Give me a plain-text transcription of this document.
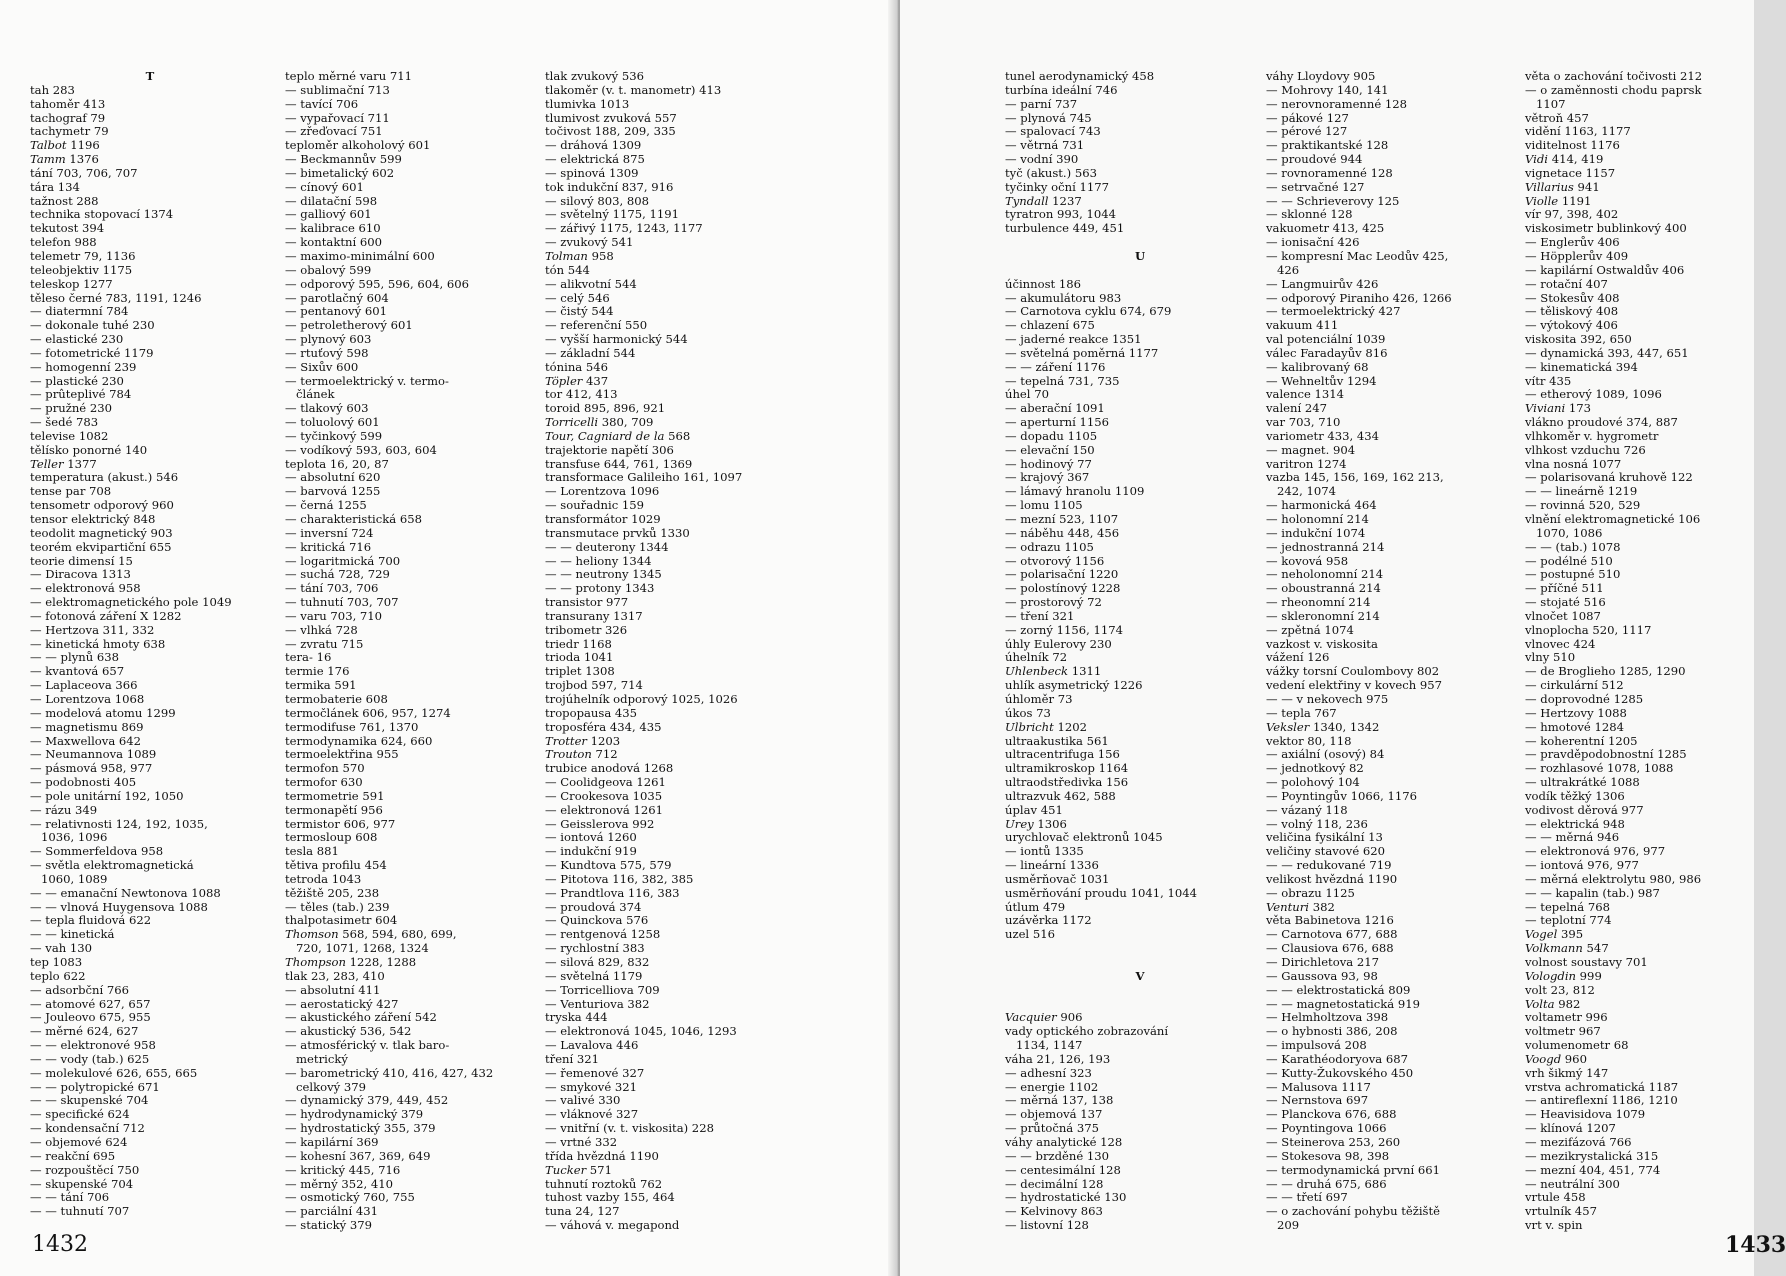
T
tah 283
tahoměr 413
tachograf 79
tachymetr 79
Talbot 1196
Tamm 1376
tání 703, 706, 707
tára 134
tažnost 288
technika stopovací 1374
tekutost 394
telefon 988
telemetr 79, 1136
teleobjektiv 1175
teleskop 1277
těleso černé 783, 1191, 1246
— diatermní 784
— dokonale tuhé 230
— elastické 230
— fotometrické 1179
— homogenní 239
— plastické 230
— prûteplivé 784
— pružné 230
— šedé 783
televise 1082
tělísko ponorné 140
Teller 1377
temperatura (akust.) 546
tense par 708
tensometr odporový 960
tensor elektrický 848
teodolit magnetický 903
teorém ekvipartiční 655
teorie dimensí 15
— Diracova 1313
— elektronová 958
— elektromagnetického pole 1049
— fotonová záření X 1282
— Hertzova 311, 332
— kinetická hmoty 638
— — plynů 638
— kvantová 657
— Laplaceova 366
— Lorentzova 1068
— modelová atomu 1299
— magnetismu 869
— Maxwellova 642
— Neumannova 1089
— pásmová 958, 977
— podobnosti 405
— pole unitární 192, 1050
— rázu 349
— relativnosti 124, 192, 1035,
1036, 1096
— Sommerfeldova 958
— světla elektromagnetická
1060, 1089
— — emanační Newtonova 1088
— — vlnová Huygensova 1088
— tepla fluidová 622
— — kinetická
— vah 130
tep 1083
teplo 622
— adsorbční 766
— atomové 627, 657
— Jouleovo 675, 955
— měrné 624, 627
— — elektronové 958
— — vody (tab.) 625
— molekulové 626, 655, 665
— — polytropické 671
— — skupenské 704
— specifické 624
— kondensační 712
— objemové 624
— reakční 695
— rozpouštěcí 750
— skupenské 704
— — tání 706
— — tuhnutí 707
teplo měrné varu 711
— sublimační 713
— tavící 706
— vypařovací 711
— zřeďovací 751
teploměr alkoholový 601
— Beckmannův 599
— bimetalický 602
— cínový 601
— dilatační 598
— galliový 601
— kalibrace 610
— kontaktní 600
— maximo-minimální 600
— obalový 599
— odporový 595, 596, 604, 606
— parotlačný 604
— pentanový 601
— petroletherový 601
— plynový 603
— rtuťový 598
— Sixův 600
— termoelektrický v. termo-
článek
— tlakový 603
— toluolový 601
— tyčinkový 599
— vodíkový 593, 603, 604
teplota 16, 20, 87
— absolutní 620
— barvová 1255
— černá 1255
— charakteristická 658
— inversní 724
— kritická 716
— logaritmická 700
— suchá 728, 729
— tání 703, 706
— tuhnutí 703, 707
— varu 703, 710
— vlhká 728
— zvratu 715
tera- 16
termie 176
termika 591
termobaterie 608
termočlánek 606, 957, 1274
termodifuse 761, 1370
termodynamika 624, 660
termoelektřina 955
termofon 570
termofor 630
termometrie 591
termonapětí 956
termistor 606, 977
termosloup 608
tesla 881
tětiva profilu 454
tetroda 1043
těžiště 205, 238
— těles (tab.) 239
thalpotasimetr 604
Thomson 568, 594, 680, 699,
720, 1071, 1268, 1324
Thompson 1228, 1288
tlak 23, 283, 410
— absolutní 411
— aerostatický 427
— akustického záření 542
— akustický 536, 542
— atmosférický v. tlak baro-
metrický
— barometrický 410, 416, 427, 432
celkový 379
— dynamický 379, 449, 452
— hydrodynamický 379
— hydrostatický 355, 379
— kapilární 369
— kohesní 367, 369, 649
— kritický 445, 716
— měrný 352, 410
— osmotický 760, 755
— parciální 431
— statický 379
tlak zvukový 536
tlakoměr (v. t. manometr) 413
tlumivka 1013
tlumivost zvuková 557
točivost 188, 209, 335
— dráhová 1309
— elektrická 875
— spinová 1309
tok indukční 837, 916
— silový 803, 808
— světelný 1175, 1191
— zářivý 1175, 1243, 1177
— zvukový 541
Tolman 958
tón 544
— alikvotní 544
— celý 546
— čistý 544
— referenční 550
— vyšší harmonický 544
— základní 544
tónina 546
Töpler 437
tor 412, 413
toroid 895, 896, 921
Torricelli 380, 709
Tour, Cagniard de la 568
trajektorie napětí 306
transfuse 644, 761, 1369
transformace Galileiho 161, 1097
— Lorentzova 1096
— souřadnic 159
transformátor 1029
transmutace prvků 1330
— — deuterony 1344
— — heliony 1344
— — neutrony 1345
— — protony 1343
transistor 977
transurany 1317
tribometr 326
triedr 1168
trioda 1041
triplet 1308
trojbod 597, 714
trojúhelník odporový 1025, 1026
tropopausa 435
troposféra 434, 435
Trotter 1203
Trouton 712
trubice anodová 1268
— Coolidgeova 1261
— Crookesova 1035
— elektronová 1261
— Geisslerova 992
— iontová 1260
— indukční 919
— Kundtova 575, 579
— Pitotova 116, 382, 385
— Prandtlova 116, 383
— proudová 374
— Quinckova 576
— rentgenová 1258
— rychlostní 383
— silová 829, 832
— světelná 1179
— Torricelliova 709
— Venturiova 382
tryska 444
— elektronová 1045, 1046, 1293
— Lavalova 446
tření 321
— řemenové 327
— smykové 321
— valivé 330
— vláknové 327
— vnitřní (v. t. viskosita) 228
— vrtné 332
třída hvězdná 1190
Tucker 571
tuhnutí roztoků 762
tuhost vazby 155, 464
tuna 24, 127
— váhová v. megapond
1432
tunel aerodynamický 458
turbína ideální 746
— parní 737
— plynová 745
— spalovací 743
— větrná 731
— vodní 390
tyč (akust.) 563
tyčinky oční 1177
Tyndall 1237
tyratron 993, 1044
turbulence 449, 451
U
účinnost 186
— akumulátoru 983
— Carnotova cyklu 674, 679
— chlazení 675
— jaderné reakce 1351
— světelná poměrná 1177
— — záření 1176
— tepelná 731, 735
úhel 70
— aberační 1091
— aperturní 1156
— dopadu 1105
— elevační 150
— hodinový 77
— krajový 367
— lámavý hranolu 1109
— lomu 1105
— mezní 523, 1107
— náběhu 448, 456
— odrazu 1105
— otvorový 1156
— polarisační 1220
— polostínový 1228
— prostorový 72
— tření 321
— zorný 1156, 1174
úhly Eulerovy 230
úhelník 72
Uhlenbeck 1311
uhlík asymetrický 1226
úhloměr 73
úkos 73
Ulbricht 1202
ultraakustika 561
ultracentrifuga 156
ultramikroskop 1164
ultraodstředivka 156
ultrazvuk 462, 588
úplav 451
Urey 1306
urychlovač elektronů 1045
— iontů 1335
— lineární 1336
usměrňovač 1031
usměrňování proudu 1041, 1044
útlum 479
uzávěrka 1172
uzel 516
V
Vacquier 906
vady optického zobrazování
1134, 1147
váha 21, 126, 193
— adhesní 323
— energie 1102
— měrná 137, 138
— objemová 137
— průtočná 375
váhy analytické 128
— — brzděné 130
— centesimální 128
— decimální 128
— hydrostatické 130
— Kelvinovy 863
— listovní 128
váhy Lloydovy 905
— Mohrovy 140, 141
— nerovnoramenné 128
— pákové 127
— pérové 127
— praktikantské 128
— proudové 944
— rovnoramenné 128
— setrvačné 127
— — Schrieverovy 125
— sklonné 128
vakuometr 413, 425
— ionisační 426
— kompresní Mac Leodův 425,
426
— Langmuirův 426
— odporový Piraniho 426, 1266
— termoelektrický 427
vakuum 411
val potenciální 1039
válec Faradayův 816
— kalibrovaný 68
— Wehneltův 1294
valence 1314
valení 247
var 703, 710
variometr 433, 434
— magnet. 904
varitron 1274
vazba 145, 156, 169, 162 213,
242, 1074
— harmonická 464
— holonomní 214
— indukční 1074
— jednostranná 214
— kovová 958
— neholonomní 214
— oboustranná 214
— rheonomní 214
— skleronomní 214
— zpětná 1074
vazkost v. viskosita
vážení 126
vážky torsní Coulombovy 802
vedení elektřiny v kovech 957
— — v nekovech 975
— tepla 767
Veksler 1340, 1342
vektor 80, 118
— axiální (osový) 84
— jednotkový 82
— polohový 104
— Poyntingův 1066, 1176
— vázaný 118
— volný 118, 236
veličina fysikální 13
veličiny stavové 620
— — redukované 719
velikost hvězdná 1190
— obrazu 1125
Venturi 382
věta Babinetova 1216
— Carnotova 677, 688
— Clausiova 676, 688
— Dirichletova 217
— Gaussova 93, 98
— — elektrostatická 809
— — magnetostatická 919
— Helmholtzova 398
— o hybnosti 386, 208
— impulsová 208
— Karathéodoryova 687
— Kutty-Žukovského 450
— Malusova 1117
— Nernstova 697
— Planckova 676, 688
— Poyntingova 1066
— Steinerova 253, 260
— Stokesova 98, 398
— termodynamická první 661
— — druhá 675, 686
— — třetí 697
— o zachování pohybu těžiště
209
věta o zachování točivosti 212
— o zaměnnosti chodu paprsk
1107
větroň 457
vidění 1163, 1177
viditelnost 1176
Vidi 414, 419
vignetace 1157
Villarius 941
Violle 1191
vír 97, 398, 402
viskosimetr bublinkový 400
— Englerův 406
— Höpplerův 409
— kapilární Ostwaldův 406
— rotační 407
— Stokesův 408
— těliskový 408
— výtokový 406
viskosita 392, 650
— dynamická 393, 447, 651
— kinematická 394
vítr 435
— etherový 1089, 1096
Viviani 173
vlákno proudové 374, 887
vlhkoměr v. hygrometr
vlhkost vzduchu 726
vlna nosná 1077
— polarisovaná kruhově 122
— — lineárně 1219
— rovinná 520, 529
vlnění elektromagnetické 106
1070, 1086
— — (tab.) 1078
— podélné 510
— postupné 510
— příčné 511
— stojaté 516
vlnočet 1087
vlnoplocha 520, 1117
vlnovec 424
vlny 510
— de Broglieho 1285, 1290
— cirkulární 512
— doprovodné 1285
— Hertzovy 1088
— hmotové 1284
— koherentní 1205
— pravděpodobnostní 1285
— rozhlasové 1078, 1088
— ultrakrátké 1088
vodík těžký 1306
vodivost děrová 977
— elektrická 948
— — měrná 946
— elektronová 976, 977
— iontová 976, 977
— měrná elektrolytu 980, 986
— — kapalin (tab.) 987
— tepelná 768
— teplotní 774
Vogel 395
Volkmann 547
volnost soustavy 701
Vologdin 999
volt 23, 812
Volta 982
voltametr 996
voltmetr 967
volumenometr 68
Voogd 960
vrh šikmý 147
vrstva achromatická 1187
— antireflexní 1186, 1210
— Heavisidova 1079
— klínová 1207
— mezifázová 766
— mezikrystalická 315
— mezní 404, 451, 774
— neutrální 300
vrtule 458
vrtulník 457
vrt v. spin
1433
